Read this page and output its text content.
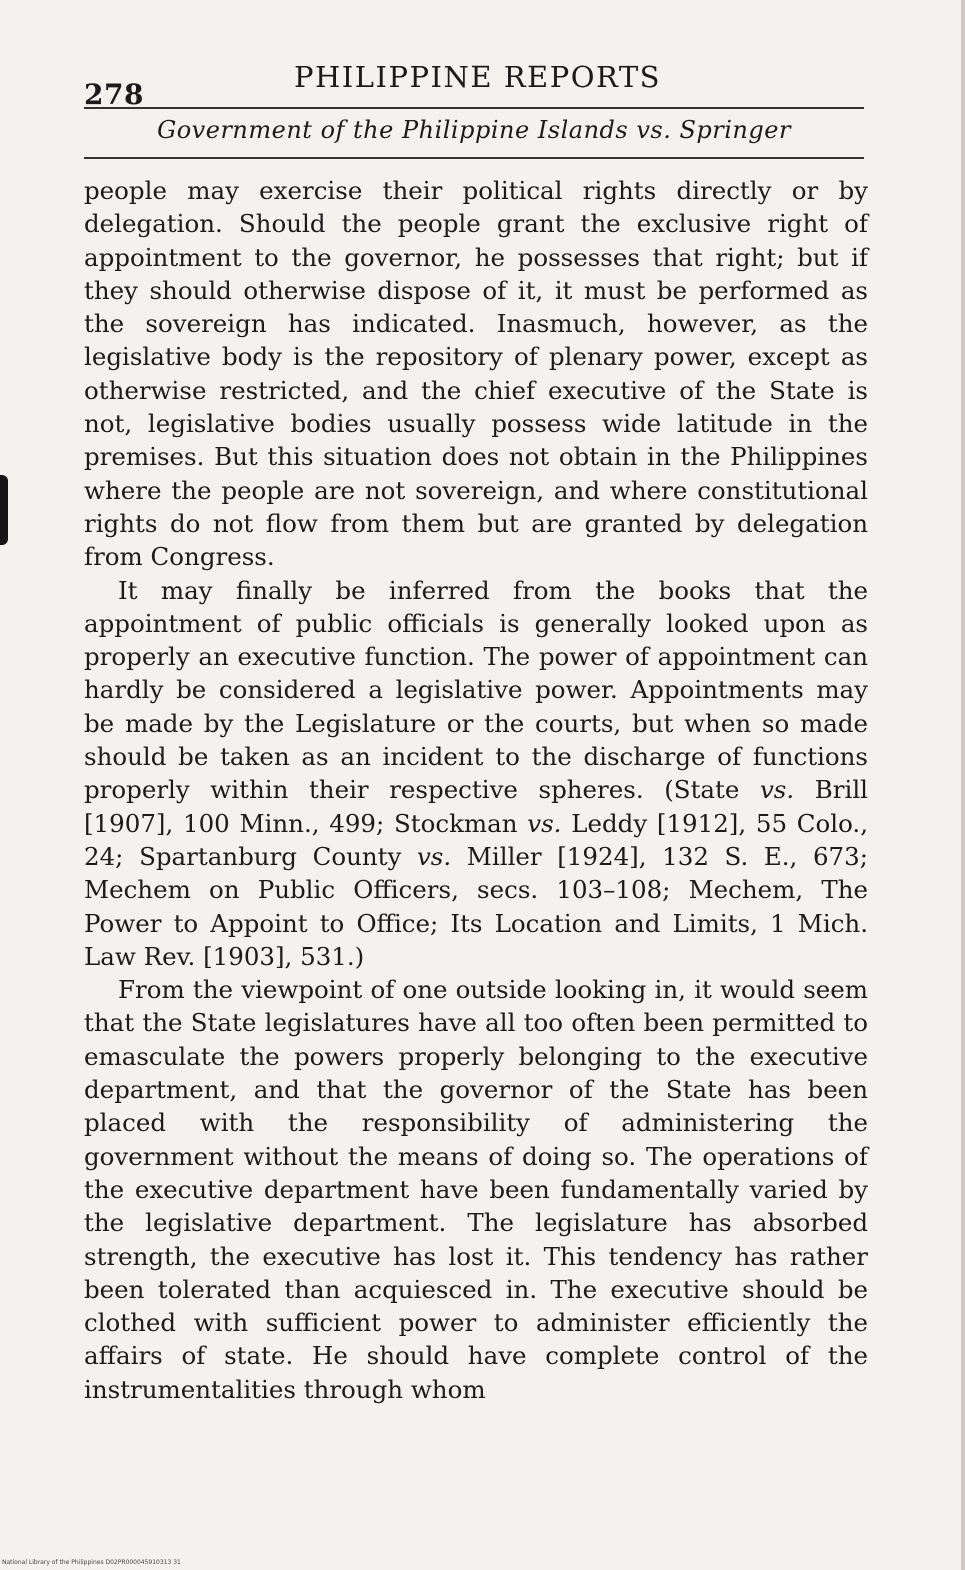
278
PHILIPPINE REPORTS
Government of the Philippine Islands vs. Springer

people may exercise their political rights directly or by delegation. Should the people grant the exclusive right of appointment to the governor, he possesses that right; but if they should otherwise dispose of it, it must be performed as the sovereign has indicated. Inasmuch, however, as the legislative body is the repository of plenary power, except as otherwise restricted, and the chief executive of the State is not, legislative bodies usually possess wide latitude in the premises. But this situation does not obtain in the Philippines where the people are not sovereign, and where constitutional rights do not flow from them but are granted by delegation from Congress.

It may finally be inferred from the books that the appointment of public officials is generally looked upon as properly an executive function. The power of appointment can hardly be considered a legislative power. Appointments may be made by the Legislature or the courts, but when so made should be taken as an incident to the discharge of functions properly within their respective spheres. (State vs. Brill [1907], 100 Minn., 499; Stockman vs. Leddy [1912], 55 Colo., 24; Spartanburg County vs. Miller [1924], 132 S. E., 673; Mechem on Public Officers, secs. 103–108; Mechem, The Power to Appoint to Office; Its Location and Limits, 1 Mich. Law Rev. [1903], 531.)

From the viewpoint of one outside looking in, it would seem that the State legislatures have all too often been permitted to emasculate the powers properly belonging to the executive department, and that the governor of the State has been placed with the responsibility of administering the government without the means of doing so. The operations of the executive department have been fundamentally varied by the legislative department. The legislature has absorbed strength, the executive has lost it. This tendency has rather been tolerated than acquiesced in. The executive should be clothed with sufficient power to administer efficiently the affairs of state. He should have complete control of the instrumentalities through whom

National Library of the Philippines D02PR000045910313 31
